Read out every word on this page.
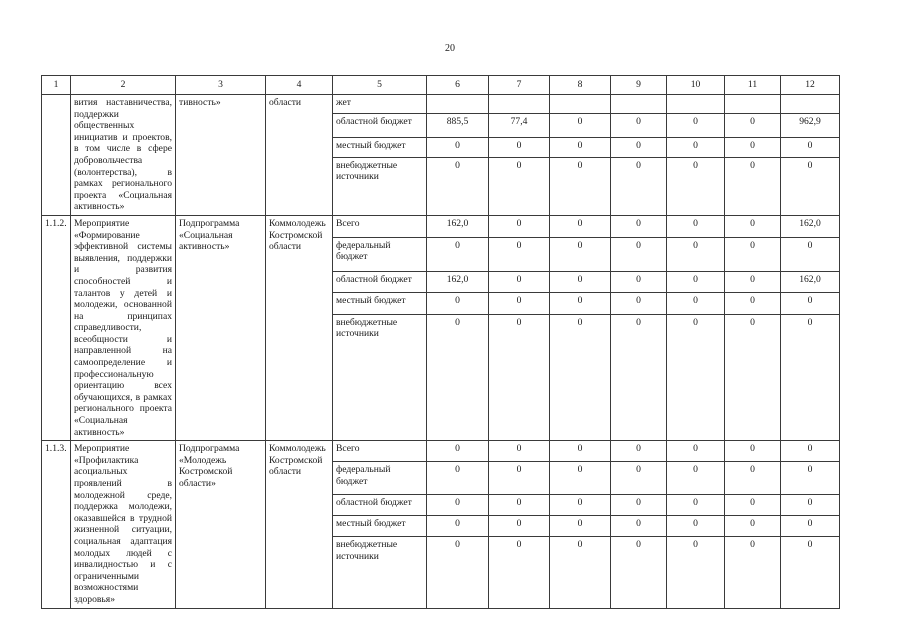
20
1	2	3	4	5	6	7	8	9	10	11	12
	вития наставничества, поддержки общественных инициатив и проектов, в том числе в сфере добровольчества (волонтерства), в рамках регионального проекта «Социальная активность»	тивность»	области	жет							
				областной бюджет	885,5	77,4	0	0	0	0	962,9
				местный бюджет	0	0	0	0	0	0	0
				внебюджетные источники	0	0	0	0	0	0	0
1.1.2.	Мероприятие «Формирование эффективной системы выявления, поддержки и развития способностей и талантов у детей и молодежи, основанной на принципах справедливости, всеобщности и направленной на самоопределение и профессиональную ориентацию всех обучающихся, в рамках регионального проекта «Социальная активность»	Подпрограмма «Социальная активность»	Коммолодежь Костромской области	Всего	162,0	0	0	0	0	0	162,0
				федеральный бюджет	0	0	0	0	0	0	0
				областной бюджет	162,0	0	0	0	0	0	162,0
				местный бюджет	0	0	0	0	0	0	0
				внебюджетные источники	0	0	0	0	0	0	0
1.1.3.	Мероприятие «Профилактика асоциальных проявлений в молодежной среде, поддержка молодежи, оказавшейся в трудной жизненной ситуации, социальная адаптация молодых людей с инвалидностью и с ограниченными возможностями здоровья»	Подпрограмма «Молодежь Костромской области»	Коммолодежь Костромской области	Всего	0	0	0	0	0	0	0
				федеральный бюджет	0	0	0	0	0	0	0
				областной бюджет	0	0	0	0	0	0	0
				местный бюджет	0	0	0	0	0	0	0
				внебюджетные источники	0	0	0	0	0	0	0
